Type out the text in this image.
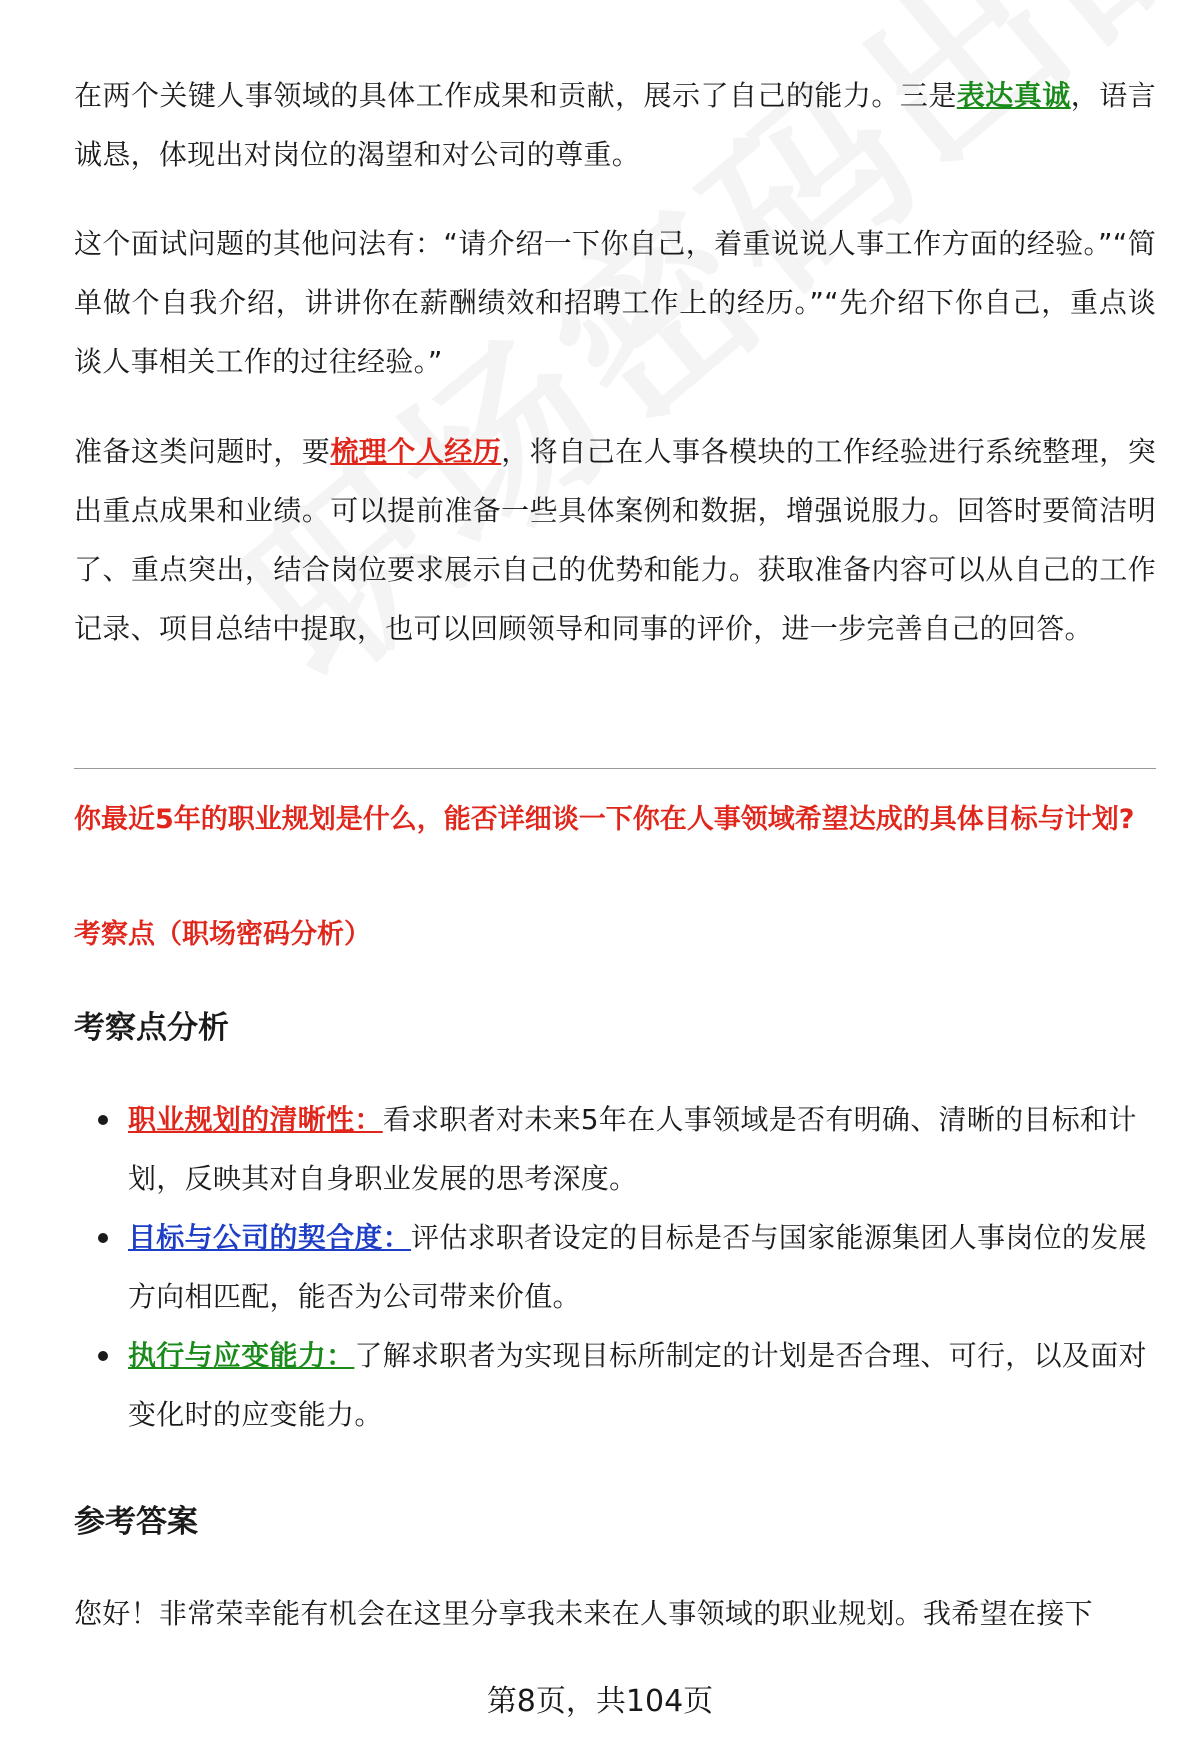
在两个关键人事领域的具体工作成果和贡献，展示了自己的能力。三是表达真诚，语言诚恳，体现出对岗位的渴望和对公司的尊重。

这个面试问题的其他问法有：“请介绍一下你自己，着重说说人事工作方面的经验。”“简单做个自我介绍，讲讲你在薪酬绩效和招聘工作上的经历。”“先介绍下你自己，重点谈谈人事相关工作的过往经验。”

准备这类问题时，要梳理个人经历，将自己在人事各模块的工作经验进行系统整理，突出重点成果和业绩。可以提前准备一些具体案例和数据，增强说服力。回答时要简洁明了、重点突出，结合岗位要求展示自己的优势和能力。获取准备内容可以从自己的工作记录、项目总结中提取，也可以回顾领导和同事的评价，进一步完善自己的回答。

你最近5年的职业规划是什么，能否详细谈一下你在人事领域希望达成的具体目标与计划?

考察点（职场密码分析）

考察点分析
职业规划的清晰性：看求职者对未来5年在人事领域是否有明确、清晰的目标和计划，反映其对自身职业发展的思考深度。
目标与公司的契合度：评估求职者设定的目标是否与国家能源集团人事岗位的发展方向相匹配，能否为公司带来价值。
执行与应变能力：了解求职者为实现目标所制定的计划是否合理、可行，以及面对变化时的应变能力。
参考答案

您好！非常荣幸能有机会在这里分享我未来在人事领域的职业规划。我希望在接下

第8页，共104页
